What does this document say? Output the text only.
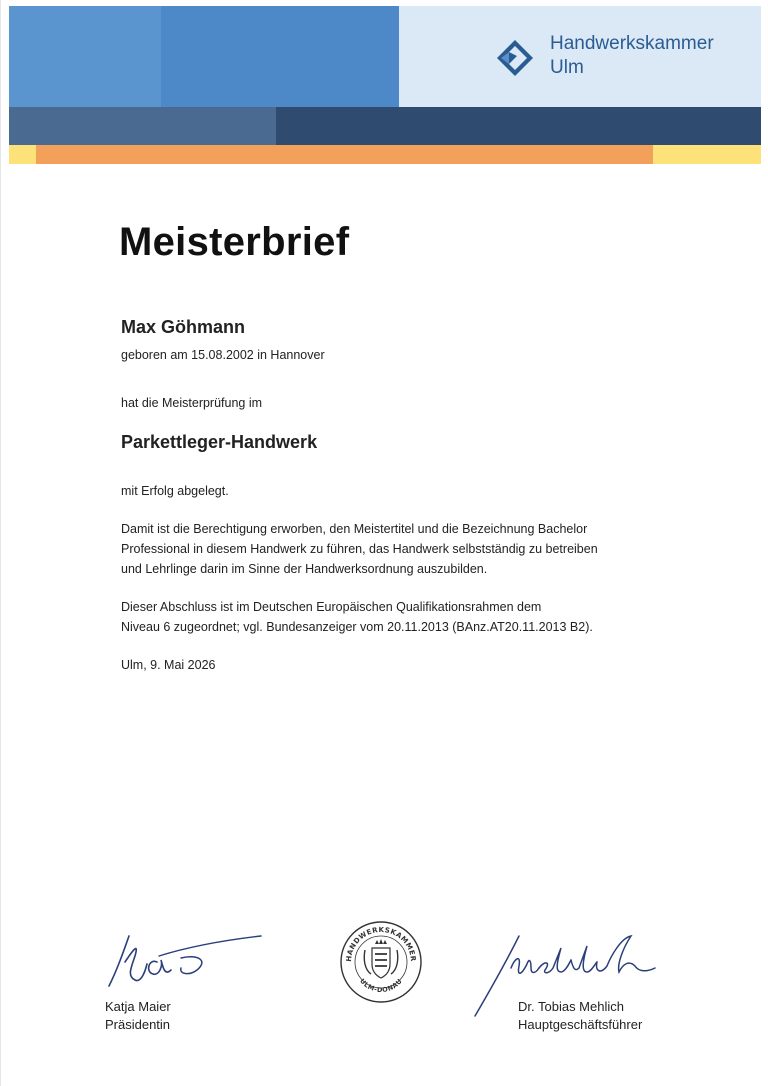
Handwerkskammer
Ulm
Meisterbrief
Max Göhmann
geboren am 15.08.2002 in Hannover
hat die Meisterprüfung im
Parkettleger-Handwerk
mit Erfolg abgelegt.
Damit ist die Berechtigung erworben, den Meistertitel und die Bezeichnung Bachelor
Professional in diesem Handwerk zu führen, das Handwerk selbstständig zu betreiben
und Lehrlinge darin im Sinne der Handwerksordnung auszubilden.
Dieser Abschluss ist im Deutschen Europäischen Qualifikationsrahmen dem
Niveau 6 zugeordnet; vgl. Bundesanzeiger vom 20.11.2013 (BAnz.AT20.11.2013 B2).
Ulm, 9. Mai 2026
Katja Maier
Präsidentin
HANDWERKSKAMMER
ULM-DONAU
Dr. Tobias Mehlich
Hauptgeschäftsführer
